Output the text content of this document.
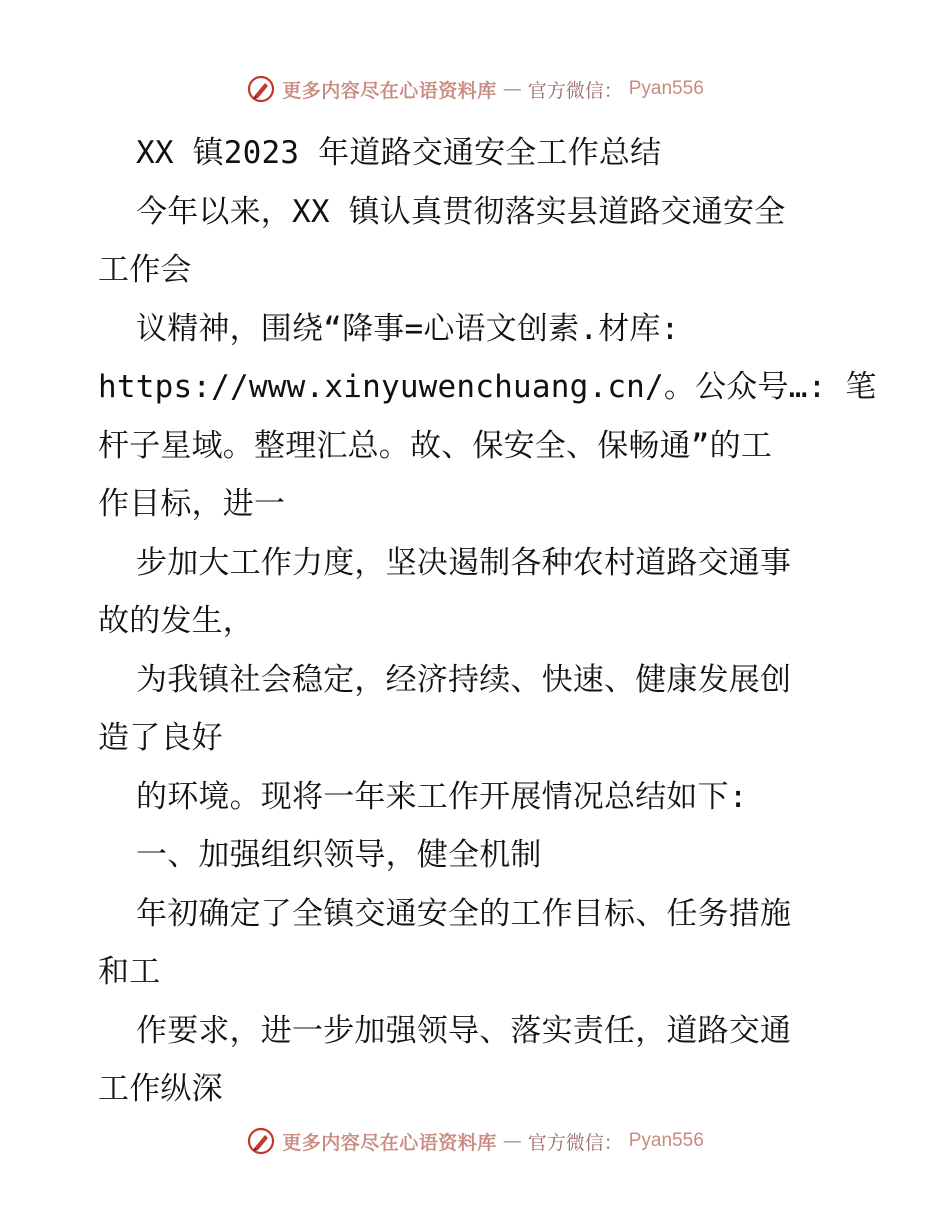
更多内容尽在心语资料库 — 官方微信： Pyan556
XX 镇2023 年道路交通安全工作总结
今年以来，XX 镇认真贯彻落实县道路交通安全
工作会
议精神，围绕“降事=心语文创素.材库:
https://www.xinyuwenchuang.cn/。公众号…: 笔
杆子星域。整理汇总。故、保安全、保畅通”的工
作目标，进一
步加大工作力度，坚决遏制各种农村道路交通事
故的发生，
为我镇社会稳定，经济持续、快速、健康发展创
造了良好
的环境。现将一年来工作开展情况总结如下:
一、加强组织领导，健全机制
年初确定了全镇交通安全的工作目标、任务措施
和工
作要求，进一步加强领导、落实责任，道路交通
工作纵深
更多内容尽在心语资料库 — 官方微信： Pyan556
